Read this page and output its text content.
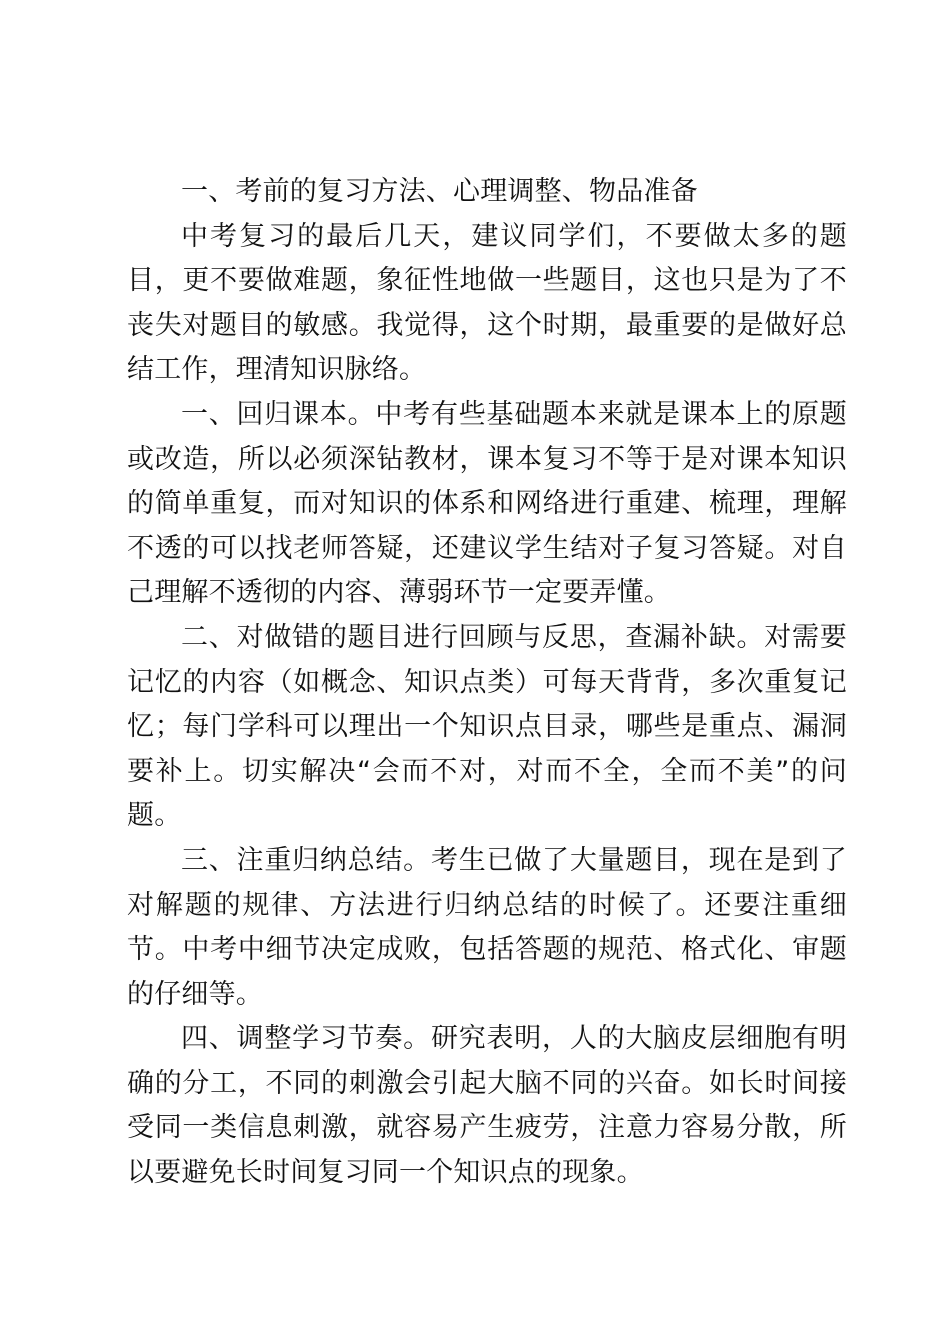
一、考前的复习方法、心理调整、物品准备

中考复习的最后几天，建议同学们，不要做太多的题目，更不要做难题，象征性地做一些题目，这也只是为了不丧失对题目的敏感。我觉得，这个时期，最重要的是做好总结工作，理清知识脉络。

一、回归课本。中考有些基础题本来就是课本上的原题或改造，所以必须深钻教材，课本复习不等于是对课本知识的简单重复，而对知识的体系和网络进行重建、梳理，理解不透的可以找老师答疑，还建议学生结对子复习答疑。对自己理解不透彻的内容、薄弱环节一定要弄懂。

二、对做错的题目进行回顾与反思，查漏补缺。对需要记忆的内容（如概念、知识点类）可每天背背，多次重复记忆；每门学科可以理出一个知识点目录，哪些是重点、漏洞要补上。切实解决“会而不对，对而不全，全而不美”的问题。

三、注重归纳总结。考生已做了大量题目，现在是到了对解题的规律、方法进行归纳总结的时候了。还要注重细节。中考中细节决定成败，包括答题的规范、格式化、审题的仔细等。

四、调整学习节奏。研究表明，人的大脑皮层细胞有明确的分工，不同的刺激会引起大脑不同的兴奋。如长时间接受同一类信息刺激，就容易产生疲劳，注意力容易分散，所以要避免长时间复习同一个知识点的现象。
